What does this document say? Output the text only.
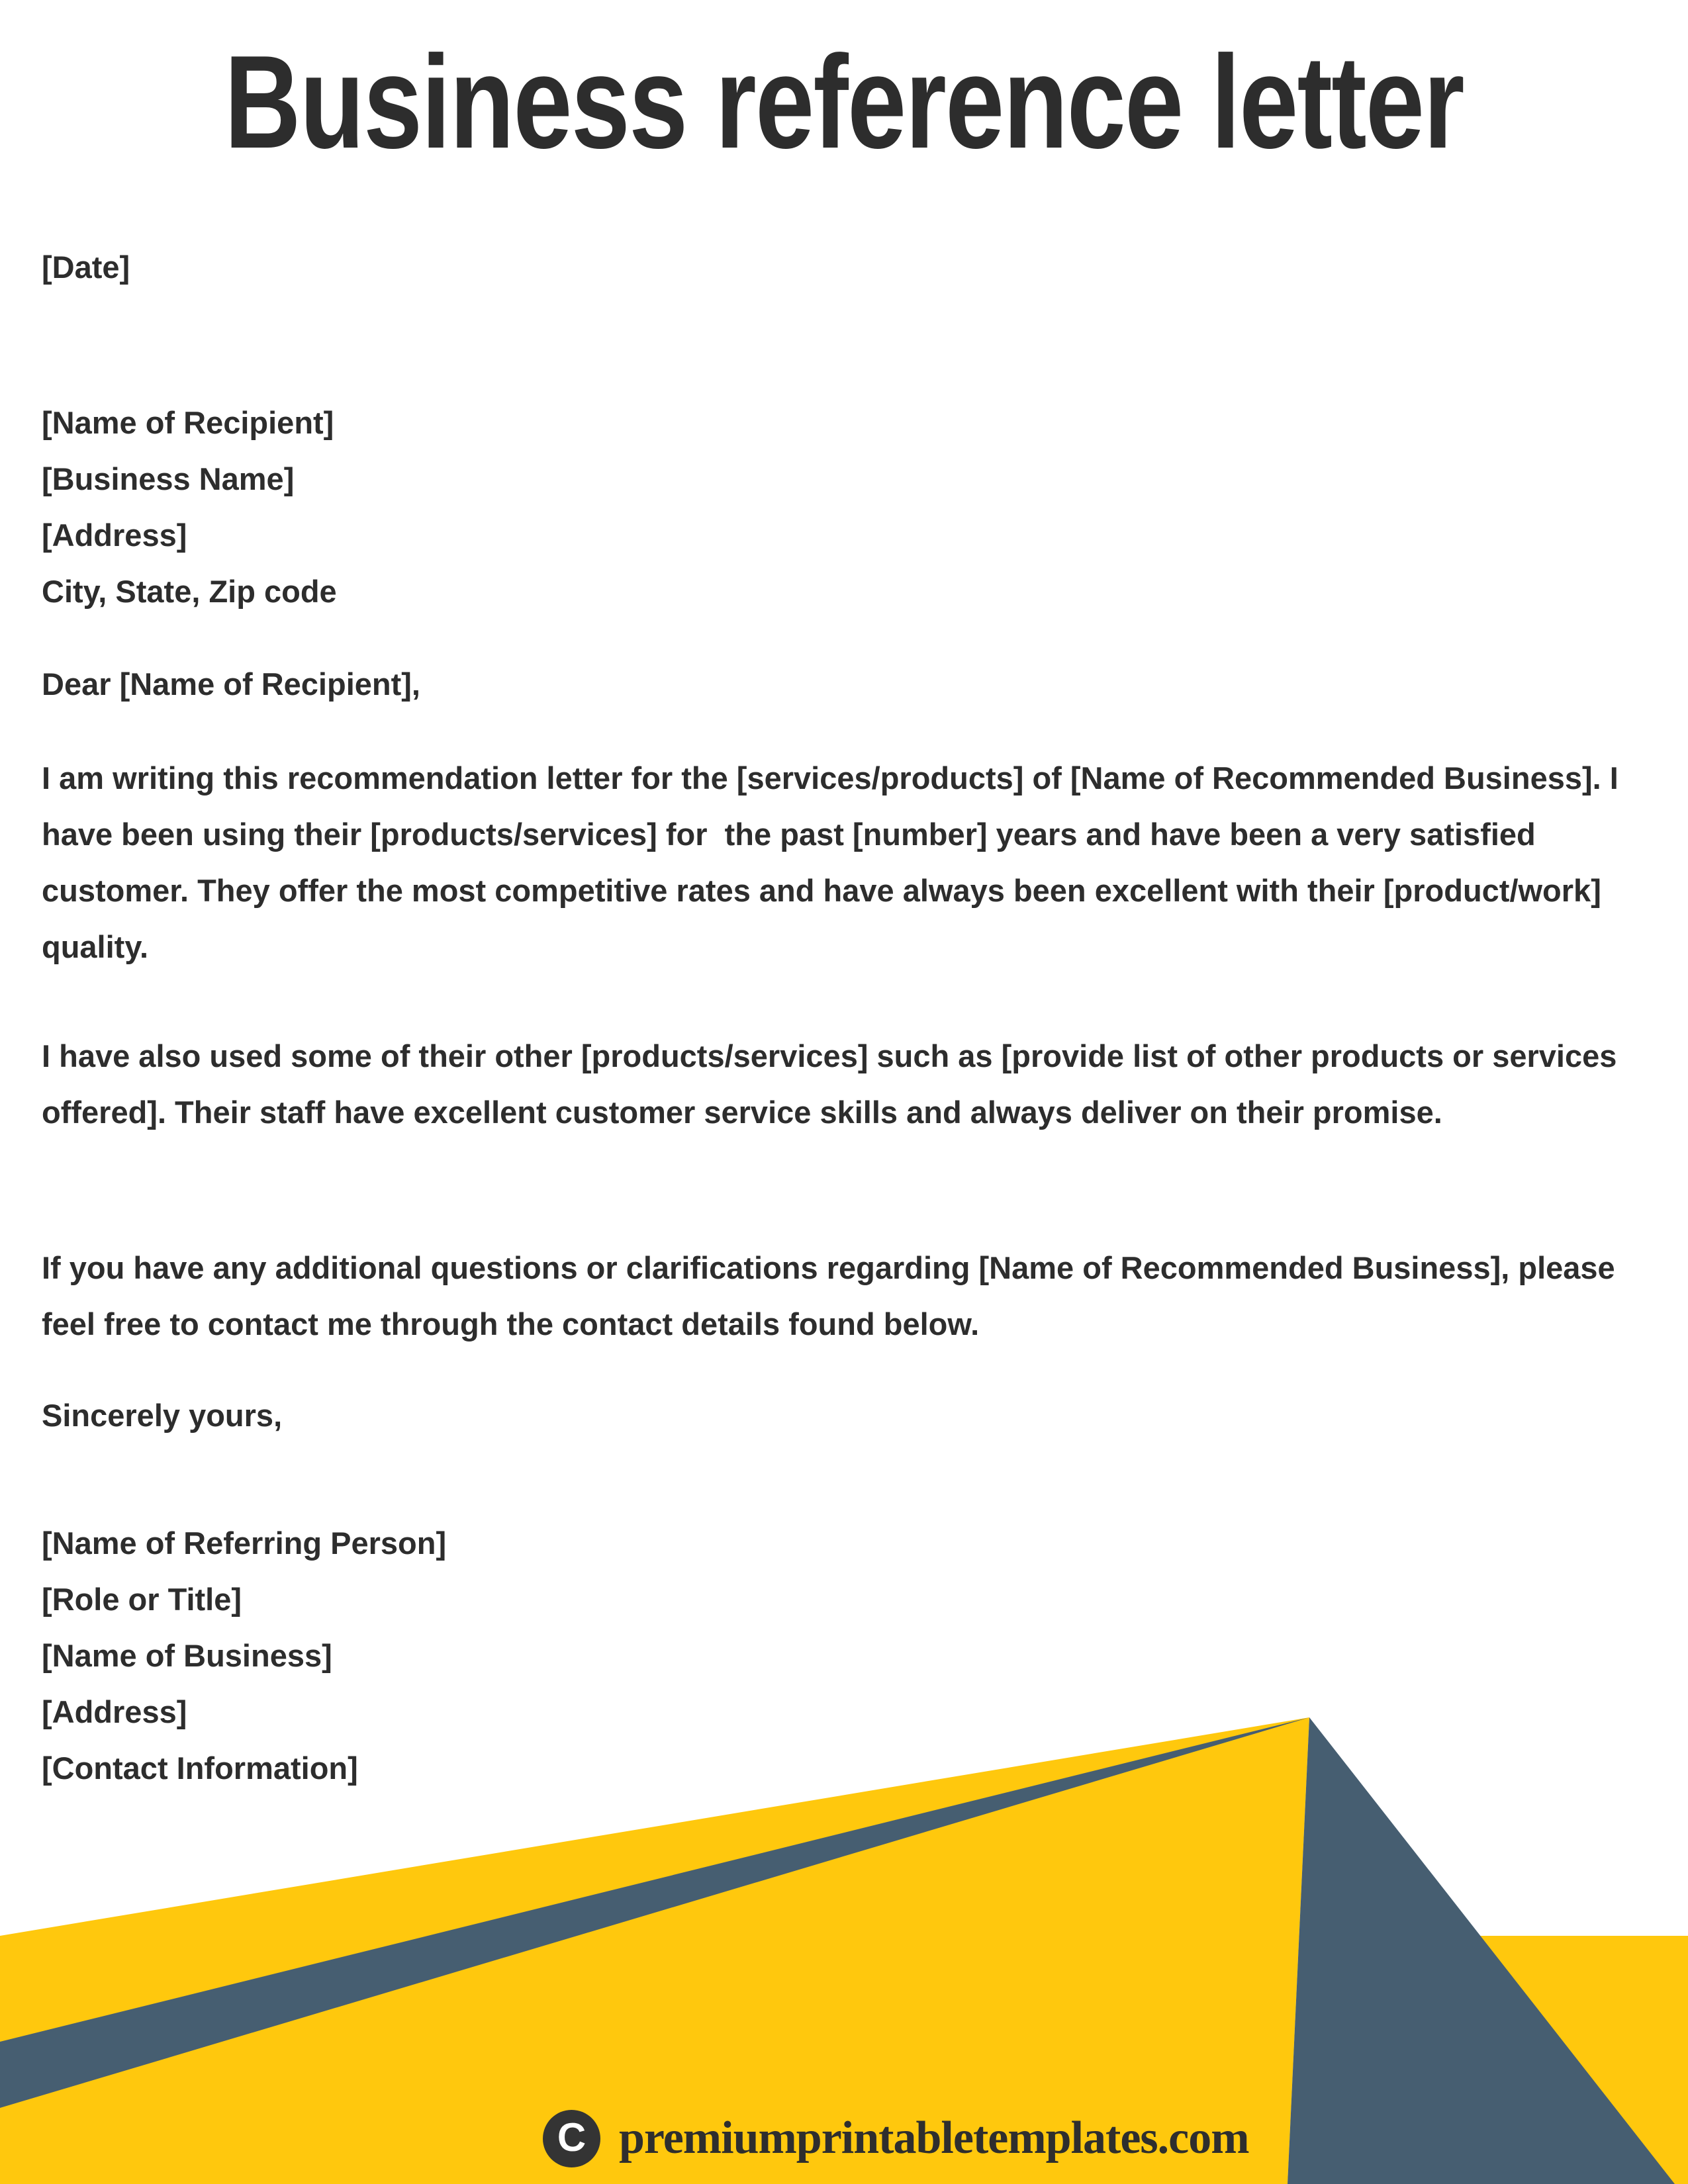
Business reference letter

[Date]

[Name of Recipient]

[Business Name]

[Address]

City, State, Zip code

Dear [Name of Recipient],

I am writing this recommendation letter for the [services/products] of [Name of Recommended Business]. I have been using their [products/services] for  the past [number] years and have been a very satisfied customer. They offer the most competitive rates and have always been excellent with their [product/work] quality.

I have also used some of their other [products/services] such as [provide list of other products or services offered]. Their staff have excellent customer service skills and always deliver on their promise.

If you have any additional questions or clarifications regarding [Name of Recommended Business], please feel free to contact me through the contact details found below.

Sincerely yours,

[Name of Referring Person]

[Role or Title]

[Name of Business]

[Address]

[Contact Information]

C premiumprintabletemplates.com
